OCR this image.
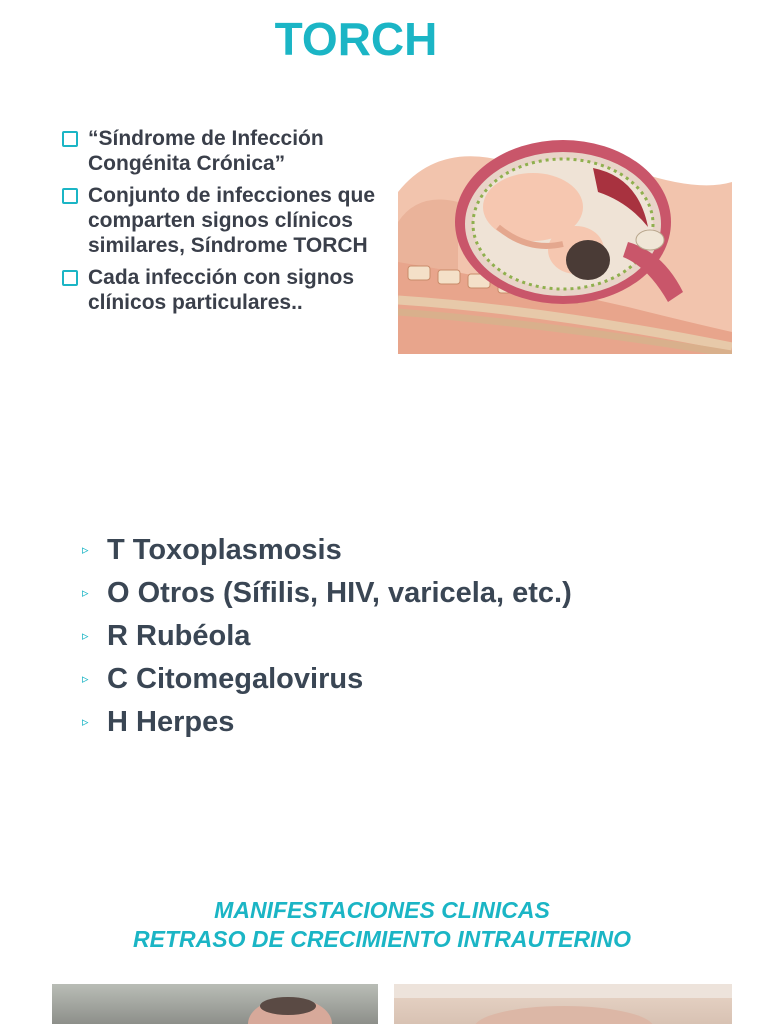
TORCH
“Síndrome de Infección Congénita Crónica”
Conjunto de infecciones que comparten signos clínicos similares, Síndrome TORCH
Cada infección con signos clínicos particulares..
▹ T Toxoplasmosis
▹ O Otros (Sífilis, HIV, varicela, etc.)
▹ R Rubéola
▹ C Citomegalovirus
▹ H Herpes
MANIFESTACIONES CLINICAS
RETRASO DE CRECIMIENTO INTRAUTERINO
